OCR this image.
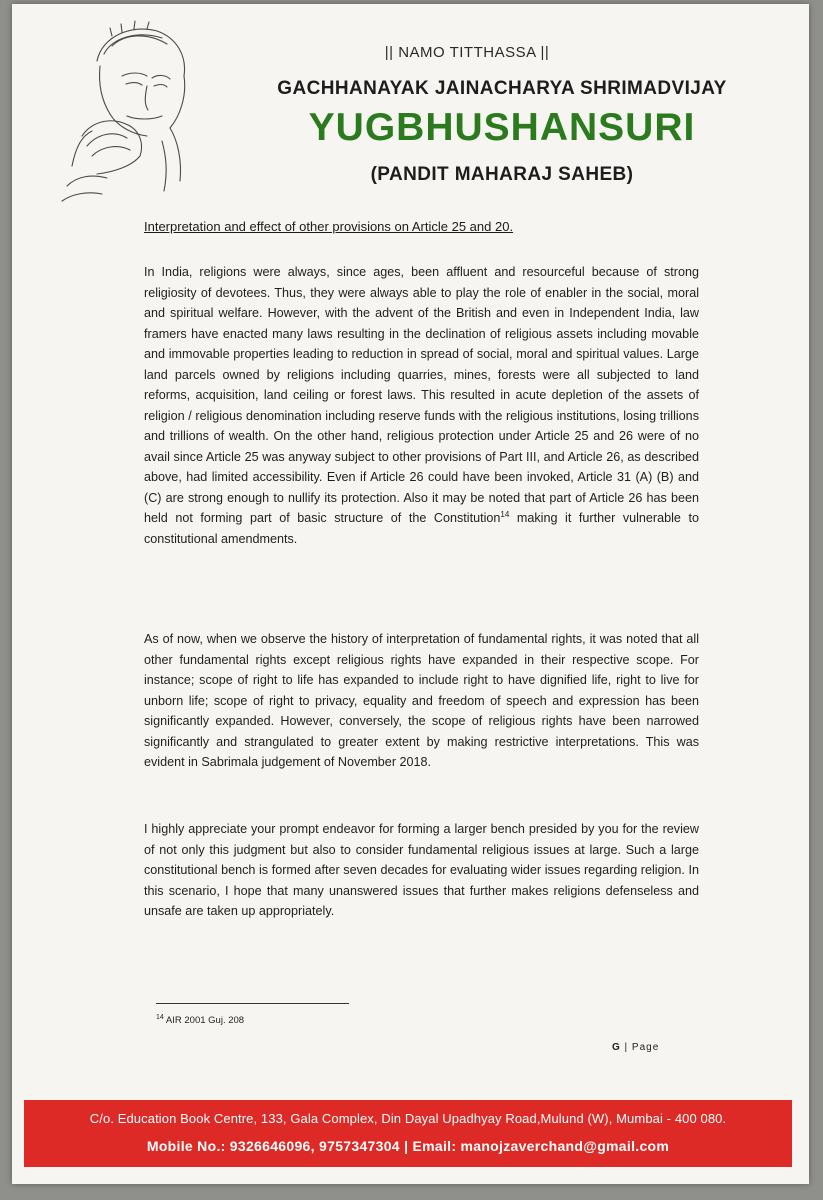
|| NAMO TITTHASSA ||
GACHHANAYAK JAINACHARYA SHRIMADVIJAY
YUGBHUSHANSURI
(PANDIT MAHARAJ SAHEB)
Interpretation and effect of other provisions on Article 25 and 20.
In India, religions were always, since ages, been affluent and resourceful because of strong religiosity of devotees. Thus, they were always able to play the role of enabler in the social, moral and spiritual welfare. However, with the advent of the British and even in Independent India, law framers have enacted many laws resulting in the declination of religious assets including movable and immovable properties leading to reduction in spread of social, moral and spiritual values. Large land parcels owned by religions including quarries, mines, forests were all subjected to land reforms, acquisition, land ceiling or forest laws. This resulted in acute depletion of the assets of religion / religious denomination including reserve funds with the religious institutions, losing trillions and trillions of wealth. On the other hand, religious protection under Article 25 and 26 were of no avail since Article 25 was anyway subject to other provisions of Part III, and Article 26, as described above, had limited accessibility. Even if Article 26 could have been invoked, Article 31 (A) (B) and (C) are strong enough to nullify its protection. Also it may be noted that part of Article 26 has been held not forming part of basic structure of the Constitution$^{14}$ making it further vulnerable to constitutional amendments.
As of now, when we observe the history of interpretation of fundamental rights, it was noted that all other fundamental rights except religious rights have expanded in their respective scope. For instance; scope of right to life has expanded to include right to have dignified life, right to live for unborn life; scope of right to privacy, equality and freedom of speech and expression has been significantly expanded. However, conversely, the scope of religious rights have been narrowed significantly and strangulated to greater extent by making restrictive interpretations. This was evident in Sabrimala judgement of November 2018.
I highly appreciate your prompt endeavor for forming a larger bench presided by you for the review of not only this judgment but also to consider fundamental religious issues at large. Such a large constitutional bench is formed after seven decades for evaluating wider issues regarding religion. In this scenario, I hope that many unanswered issues that further makes religions defenseless and unsafe are taken up appropriately.
$^{14}$ AIR 2001 Guj. 208
G | Page
C/o. Education Book Centre, 133, Gala Complex, Din Dayal Upadhyay Road,Mulund (W), Mumbai - 400 080.
Mobile No.: 9326646096, 9757347304 | Email: manojzaverchand@gmail.com
